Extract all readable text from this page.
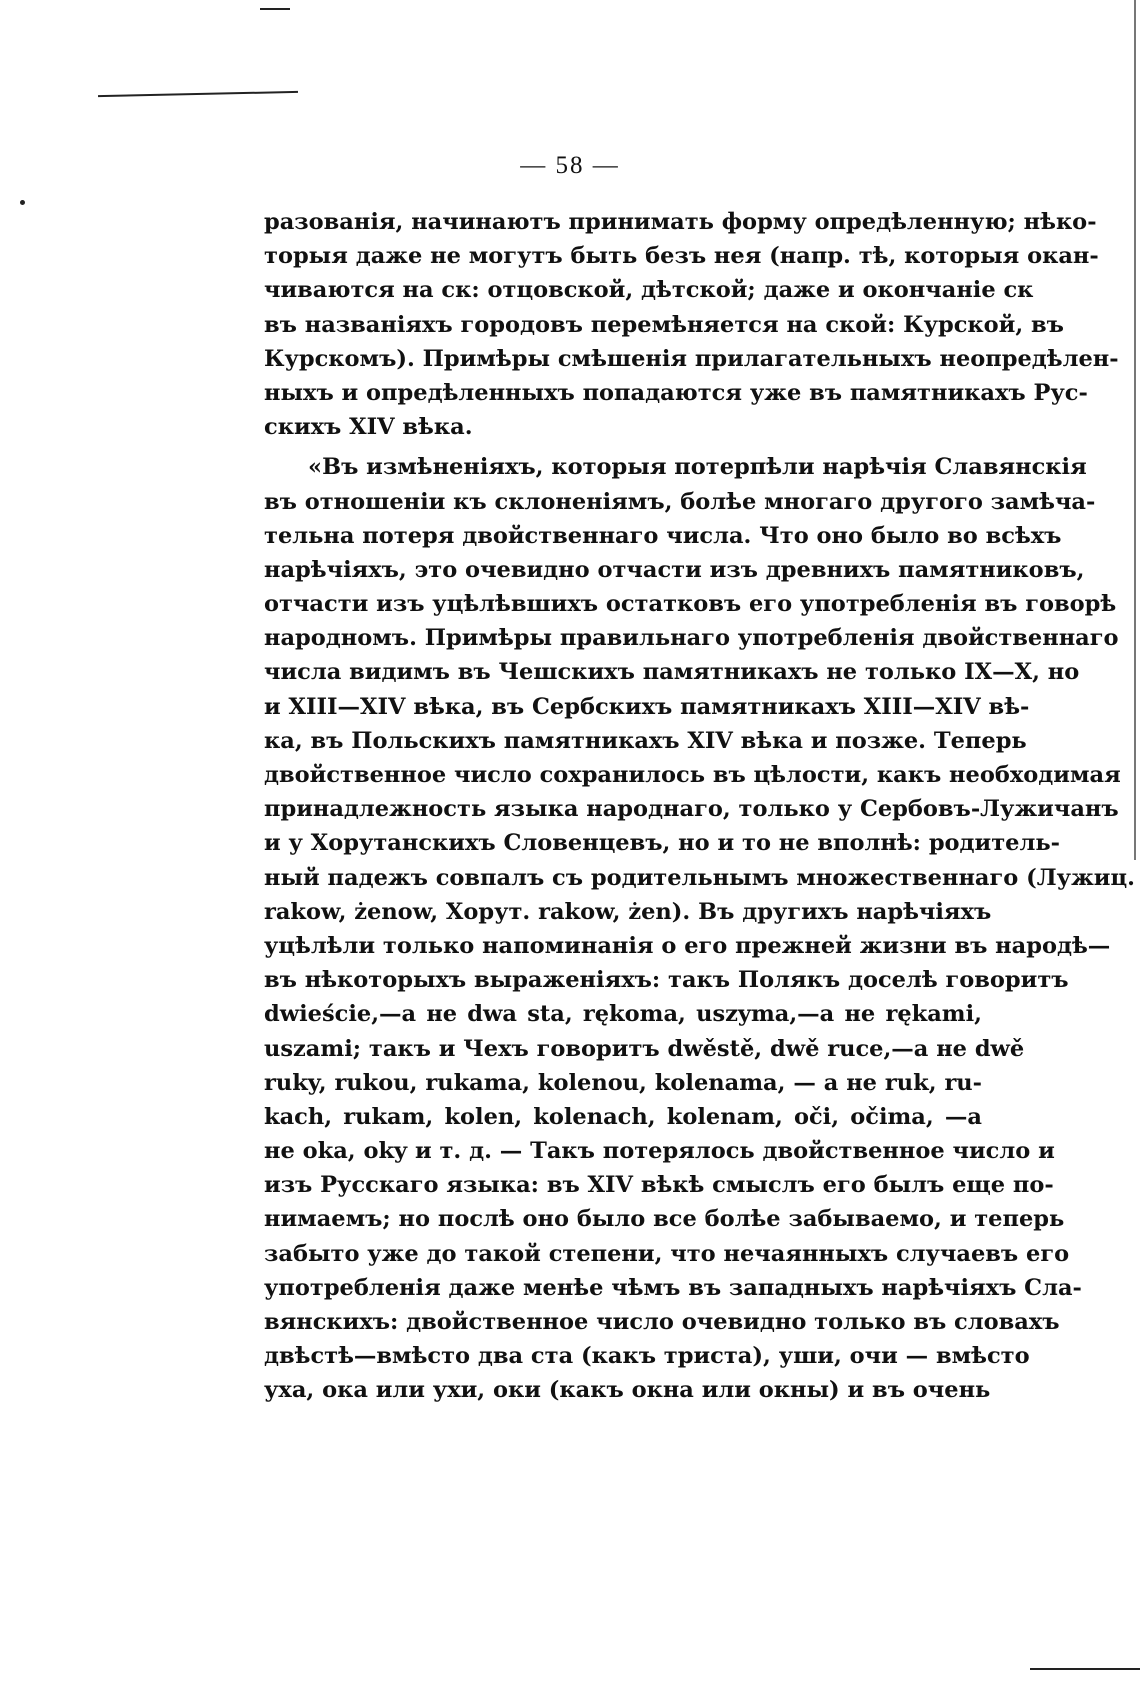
— 58 —
разованія, начинаютъ принимать форму опредѣленную; нѣко-
торыя даже не могутъ быть безъ нея (напр. тѣ, которыя окан-
чиваются на ск: отцовской, дѣтской; даже и окончаніе ск
въ названіяхъ городовъ перемѣняется на ской: Курской, въ
Курскомъ). Примѣры смѣшенія прилагательныхъ неопредѣлен-
ныхъ и опредѣленныхъ попадаются уже въ памятникахъ Рус-
скихъ XIV вѣка.
«Въ измѣненіяхъ, которыя потерпѣли нарѣчія Славянскія
въ отношеніи къ склоненіямъ, болѣе многаго другого замѣча-
тельна потеря двойственнаго числа. Что оно было во всѣхъ
нарѣчіяхъ, это очевидно отчасти изъ древнихъ памятниковъ,
отчасти изъ уцѣлѣвшихъ остатковъ его употребленія въ говорѣ
народномъ. Примѣры правильнаго употребленія двойственнаго
числа видимъ въ Чешскихъ памятникахъ не только IX—X, но
и XIII—XIV вѣка, въ Сербскихъ памятникахъ XIII—XIV вѣ-
ка, въ Польскихъ памятникахъ XIV вѣка и позже. Теперь
двойственное число сохранилось въ цѣлости, какъ необходимая
принадлежность языка народнаго, только у Сербовъ-Лужичанъ
и у Хорутанскихъ Словенцевъ, но и то не вполнѣ: родитель-
ный падежъ совпалъ съ родительнымъ множественнаго (Лужиц.
rakow, żenow, Хорут. rakow, żen). Въ другихъ нарѣчіяхъ
уцѣлѣли только напоминанія о его прежней жизни въ народѣ—
въ нѣкоторыхъ выраженіяхъ: такъ Полякъ доселѣ говоритъ
dwieście,—а не dwa sta, rękoma, uszyma,—а не rękami,
uszami; такъ и Чехъ говоритъ dwěstě, dwě ruce,—а не dwě
ruky, rukou, rukama, kolenou, kolenama, — а не ruk, ru-
kach, rukam, kolen, kolenach, kolenam, oči, očima, —а
не oka, oky и т. д. — Такъ потерялось двойственное число и
изъ Русскаго языка: въ XIV вѣкѣ смыслъ его былъ еще по-
нимаемъ; но послѣ оно было все болѣе забываемо, и теперь
забыто уже до такой степени, что нечаянныхъ случаевъ его
употребленія даже менѣе чѣмъ въ западныхъ нарѣчіяхъ Сла-
вянскихъ: двойственное число очевидно только въ словахъ
двѣстѣ—вмѣсто два ста (какъ триста), уши, очи — вмѣсто
уха, ока или ухи, оки (какъ окна или окны) и въ очень
